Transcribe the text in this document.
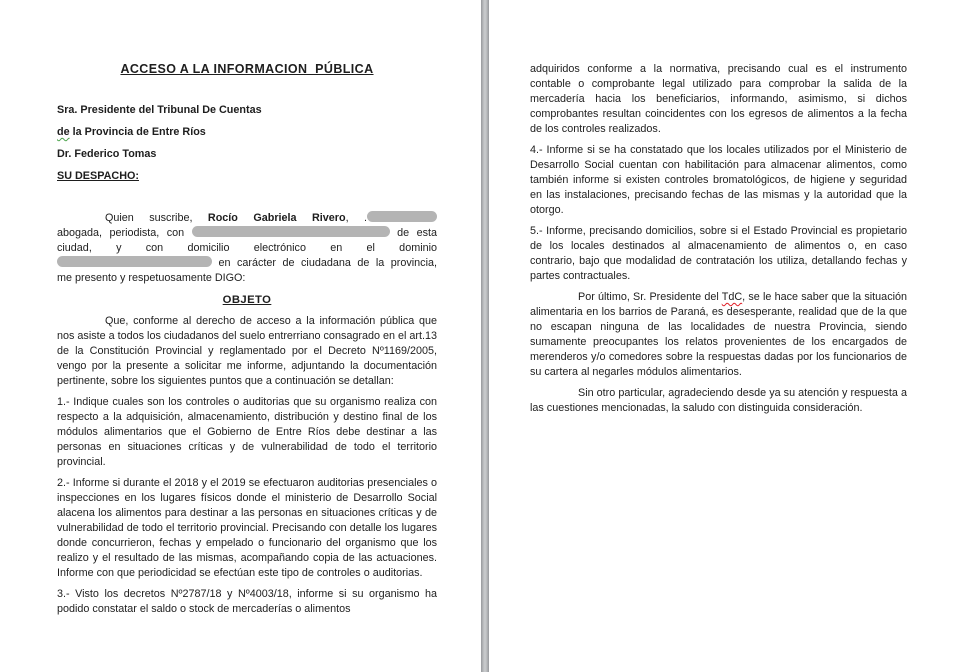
ACCESO A LA INFORMACION  PÚBLICA
Sra. Presidente del Tribunal De Cuentas
de la Provincia de Entre Ríos
Dr. Federico Tomas
SU DESPACHO:
Quien suscribe, Rocío Gabriela Rivero, .
abogada, periodista, con	de esta
ciudad, y con domicilio electrónico en el dominio
en carácter de ciudadana de la provincia,
me presento y respetuosamente DIGO:
OBJETO

Que, conforme al derecho de acceso a la información pública que nos asiste a todos los ciudadanos del suelo entrerriano consagrado en el art.13 de la Constitución Provincial y reglamentado por el Decreto Nº1169/2005, vengo por la presente a solicitar me informe, adjuntando la documentación pertinente, sobre los siguientes puntos que a continuación se detallan:

1.- Indique cuales son los controles o auditorias que su organismo realiza con respecto a la adquisición, almacenamiento, distribución y destino final de los módulos alimentarios que el Gobierno de Entre Ríos debe destinar a las personas en situaciones críticas y de vulnerabilidad de todo el territorio provincial.

2.- Informe si durante el 2018 y el 2019 se efectuaron auditorias presenciales o inspecciones en los lugares físicos donde el ministerio de Desarrollo Social alacena los alimentos para destinar a las personas en situaciones críticas y de vulnerabilidad de todo el territorio provincial. Precisando con detalle los lugares donde concurrieron, fechas y empelado o funcionario del organismo que los realizo y el resultado de las mismas, acompañando copia de las actuaciones. Informe con que periodicidad se efectúan este tipo de controles o auditorias.

3.- Visto los decretos Nº2787/18 y Nº4003/18, informe si su organismo ha podido constatar el saldo o stock de mercaderías o alimentos

adquiridos conforme a la normativa, precisando cual es el instrumento contable o comprobante legal utilizado para comprobar la salida de la mercadería hacia los beneficiarios, informando, asimismo, si dichos comprobantes resultan coincidentes con los egresos de alimentos a la fecha de los controles realizados.

4.- Informe si se ha constatado que los locales utilizados por el Ministerio de Desarrollo Social cuentan con habilitación para almacenar alimentos, como también informe si existen controles bromatológicos, de higiene y seguridad en las instalaciones, precisando fechas de las mismas y la autoridad que la otorgo.

5.- Informe, precisando domicilios, sobre si el Estado Provincial es propietario de los locales destinados al almacenamiento de alimentos o, en caso contrario, bajo que modalidad de contratación los utiliza, detallando fechas y partes contractuales.

Por último, Sr. Presidente del TdC, se le hace saber que la situación alimentaria en los barrios de Paraná, es desesperante, realidad que de la que no escapan ninguna de las localidades de nuestra Provincia, siendo sumamente preocupantes los relatos provenientes de los encargados de merenderos y/o comedores sobre la respuestas dadas por los funcionarios de su cartera al negarles módulos alimentarios.

Sin otro particular, agradeciendo desde ya su atención y respuesta a las cuestiones mencionadas, la saludo con distinguida consideración.
